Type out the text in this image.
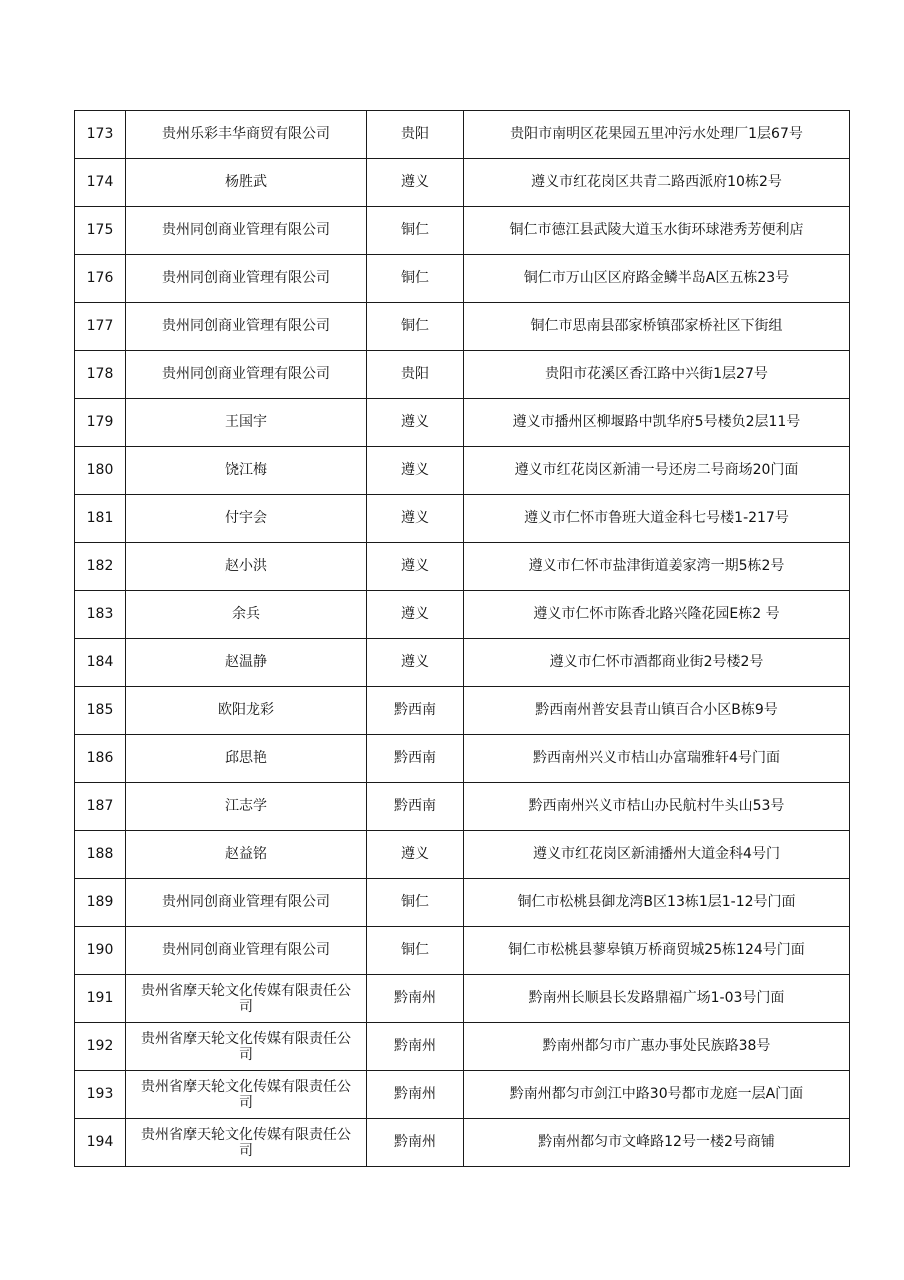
173	贵州乐彩丰华商贸有限公司	贵阳	贵阳市南明区花果园五里冲污水处理厂1层67号
174	杨胜武	遵义	遵义市红花岗区共青二路西派府10栋2号
175	贵州同创商业管理有限公司	铜仁	铜仁市德江县武陵大道玉水街环球港秀芳便利店
176	贵州同创商业管理有限公司	铜仁	铜仁市万山区区府路金鳞半岛A区五栋23号
177	贵州同创商业管理有限公司	铜仁	铜仁市思南县邵家桥镇邵家桥社区下街组
178	贵州同创商业管理有限公司	贵阳	贵阳市花溪区香江路中兴街1层27号
179	王国宇	遵义	遵义市播州区柳堰路中凯华府5号楼负2层11号
180	饶江梅	遵义	遵义市红花岗区新浦一号还房二号商场20门面
181	付宇会	遵义	遵义市仁怀市鲁班大道金科七号楼1-217号
182	赵小洪	遵义	遵义市仁怀市盐津街道姜家湾一期5栋2号
183	余兵	遵义	遵义市仁怀市陈香北路兴隆花园E栋2 号
184	赵温静	遵义	遵义市仁怀市酒都商业街2号楼2号
185	欧阳龙彩	黔西南	黔西南州普安县青山镇百合小区B栋9号
186	邱思艳	黔西南	黔西南州兴义市桔山办富瑞雅轩4号门面
187	江志学	黔西南	黔西南州兴义市桔山办民航村牛头山53号
188	赵益铭	遵义	遵义市红花岗区新浦播州大道金科4号门
189	贵州同创商业管理有限公司	铜仁	铜仁市松桃县御龙湾B区13栋1层1-12号门面
190	贵州同创商业管理有限公司	铜仁	铜仁市松桃县蓼皋镇万桥商贸城25栋124号门面
191	贵州省摩天轮文化传媒有限责任公司	黔南州	黔南州长顺县长发路鼎福广场1-03号门面
192	贵州省摩天轮文化传媒有限责任公司	黔南州	黔南州都匀市广惠办事处民族路38号
193	贵州省摩天轮文化传媒有限责任公司	黔南州	黔南州都匀市剑江中路30号都市龙庭一层A门面
194	贵州省摩天轮文化传媒有限责任公司	黔南州	黔南州都匀市文峰路12号一楼2号商铺
